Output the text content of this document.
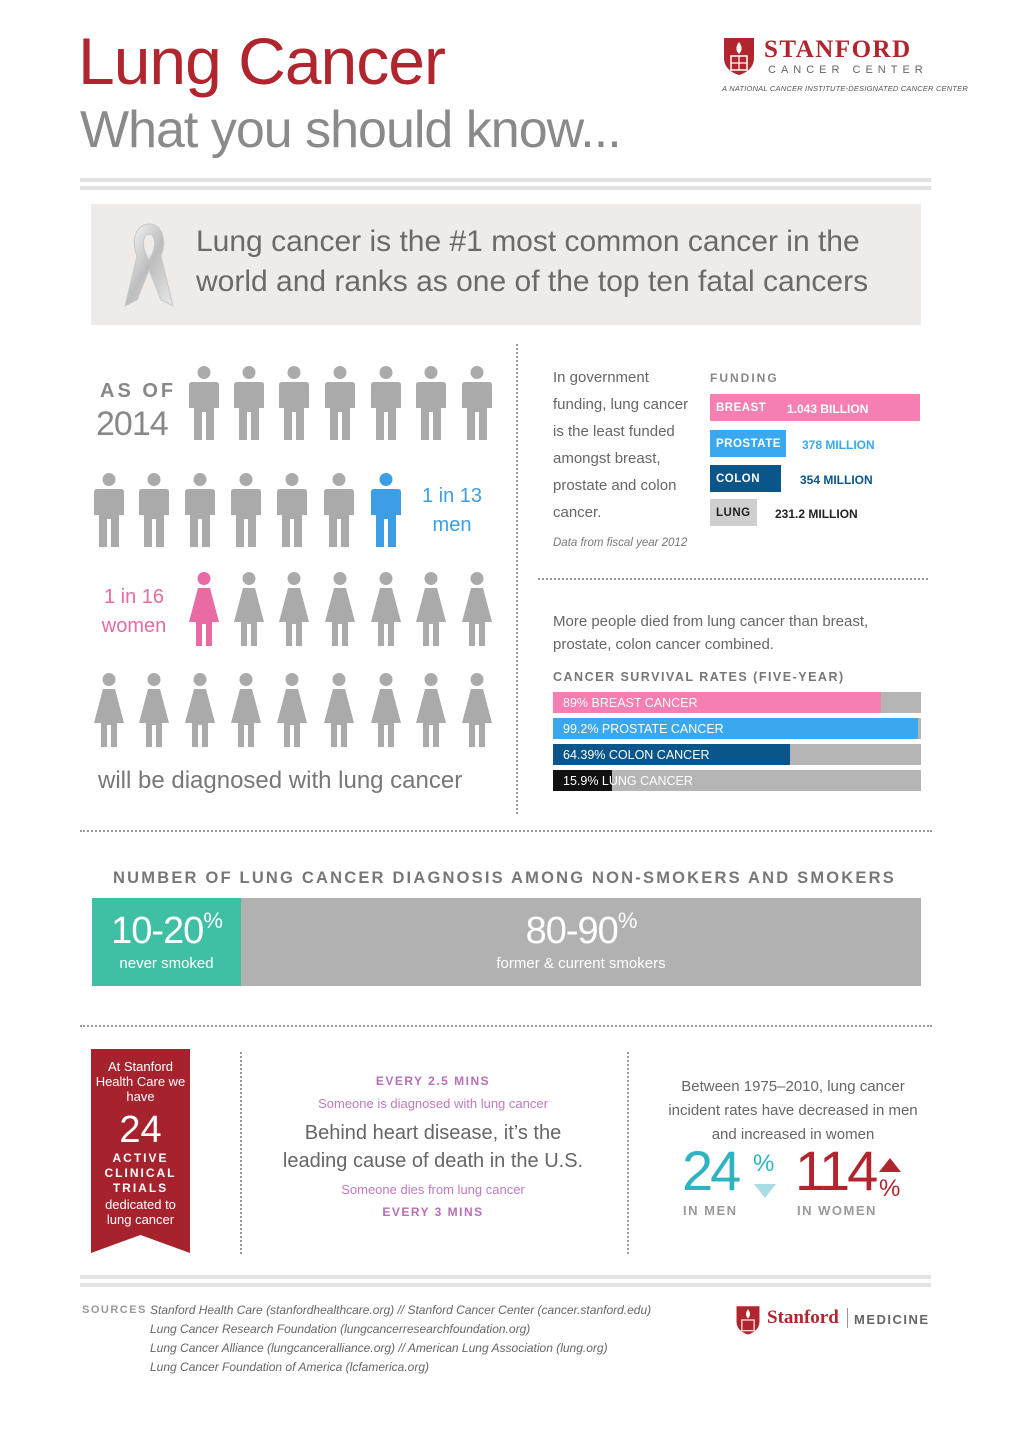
Lung Cancer
What you should know...
STANFORD
CANCER CENTER
A NATIONAL CANCER INSTITUTE-DESIGNATED CANCER CENTER
Lung cancer is the #1 most common cancer in the
world and ranks as one of the top ten fatal cancers
AS OF
2014
1 in 13
men
1 in 16
women
will be diagnosed with lung cancer
In government funding, lung cancer is the least funded amongst breast, prostate and colon cancer.
Data from fiscal year 2012
FUNDING
BREAST 1.043 BILLION
PROSTATE 378 MILLION
COLON	354 MILLION
LUNG 231.2 MILLION
More people died from lung cancer than breast, prostate, colon cancer combined.
CANCER SURVIVAL RATES (FIVE-YEAR)
89% BREAST CANCER
99.2% PROSTATE CANCER
64.39% COLON CANCER
15.9% LUNG CANCER
NUMBER OF LUNG CANCER DIAGNOSIS AMONG NON-SMOKERS AND SMOKERS
10-20%
never smoked
80-90%
former & current smokers
At Stanford Health Care we have
24
ACTIVE CLINICAL TRIALS
dedicated to lung cancer
EVERY 2.5 MINS
Someone is diagnosed with lung cancer
Behind heart disease, it’s the
leading cause of death in the U.S.
Someone dies from lung cancer
EVERY 3 MINS
Between 1975–2010, lung cancer incident rates have decreased in men and increased in women
24 %
IN MEN
114 %
IN WOMEN
SOURCES Stanford Health Care (stanfordhealthcare.org) // Stanford Cancer Center (cancer.stanford.edu)
Lung Cancer Research Foundation (lungcancerresearchfoundation.org)
Lung Cancer Alliance (lungcanceralliance.org) // American Lung Association (lung.org)
Lung Cancer Foundation of America (lcfamerica.org)
Stanford MEDICINE
